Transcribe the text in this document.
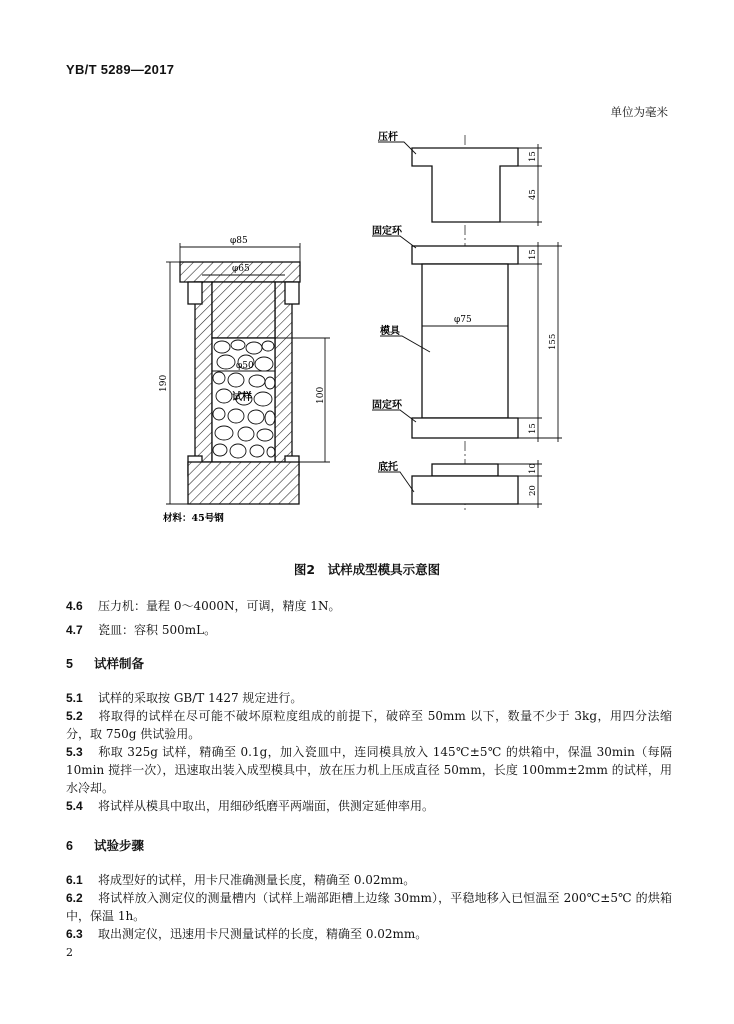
YB/T 5289—2017
单位为毫米
φ85
φ65
φ50
190
100
试样
材料：45号钢
压杆
固定环
模具
固定环
底托
φ75
15
45
15
155
15
10
20
图2　试样成型模具示意图

4.6 压力机：量程 0～4000N，可调，精度 1N。

4.7 瓷皿：容积 500mL。

5 试样制备

5.1 试样的采取按 GB/T 1427 规定进行。

5.2 将取得的试样在尽可能不破坏原粒度组成的前提下，破碎至 50mm 以下，数量不少于 3kg，用四分法缩分，取 750g 供试验用。

5.3 称取 325g 试样，精确至 0.1g，加入瓷皿中，连同模具放入 145℃±5℃ 的烘箱中，保温 30min（每隔 10min 搅拌一次），迅速取出装入成型模具中，放在压力机上压成直径 50mm，长度 100mm±2mm 的试样，用水冷却。

5.4 将试样从模具中取出，用细砂纸磨平两端面，供测定延伸率用。

6 试验步骤

6.1 将成型好的试样，用卡尺准确测量长度，精确至 0.02mm。

6.2 将试样放入测定仪的测量槽内（试样上端部距槽上边缘 30mm），平稳地移入已恒温至 200℃±5℃ 的烘箱中，保温 1h。

6.3 取出测定仪，迅速用卡尺测量试样的长度，精确至 0.02mm。

2
